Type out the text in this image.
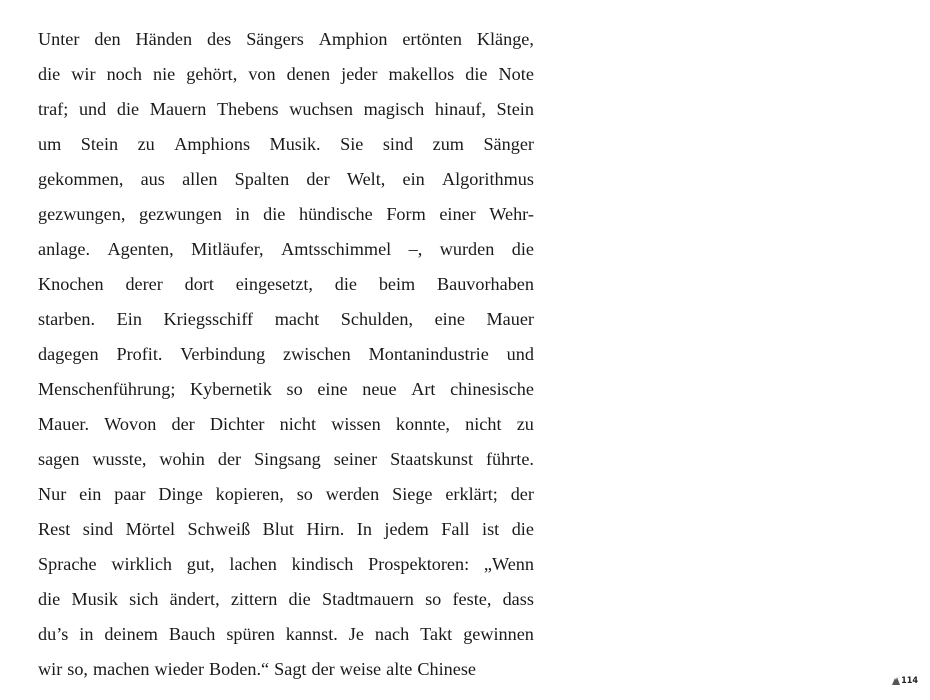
Unter den Händen des Sängers Amphion ertönten Klänge,
die wir noch nie gehört, von denen jeder makellos die Note
traf; und die Mauern Thebens wuchsen magisch hinauf, Stein
um Stein zu Amphions Musik. Sie sind zum Sänger
gekommen, aus allen Spalten der Welt, ein Algorithmus
gezwungen, gezwungen in die hündische Form einer Wehr-
anlage. Agenten, Mitläufer, Amtsschimmel –, wurden die
Knochen derer dort eingesetzt, die beim Bauvorhaben
starben. Ein Kriegsschiff macht Schulden, eine Mauer
dagegen Profit. Verbindung zwischen Montanindustrie und
Menschenführung; Kybernetik so eine neue Art chinesische
Mauer. Wovon der Dichter nicht wissen konnte, nicht zu
sagen wusste, wohin der Singsang seiner Staatskunst führte.
Nur ein paar Dinge kopieren, so werden Siege erklärt; der
Rest sind Mörtel Schweiß Blut Hirn. In jedem Fall ist die
Sprache wirklich gut, lachen kindisch Prospektoren: „Wenn
die Musik sich ändert, zittern die Stadtmauern so feste, dass
du’s in deinem Bauch spüren kannst. Je nach Takt gewinnen
wir so, machen wieder Boden.“ Sagt der weise alte Chinese
114
